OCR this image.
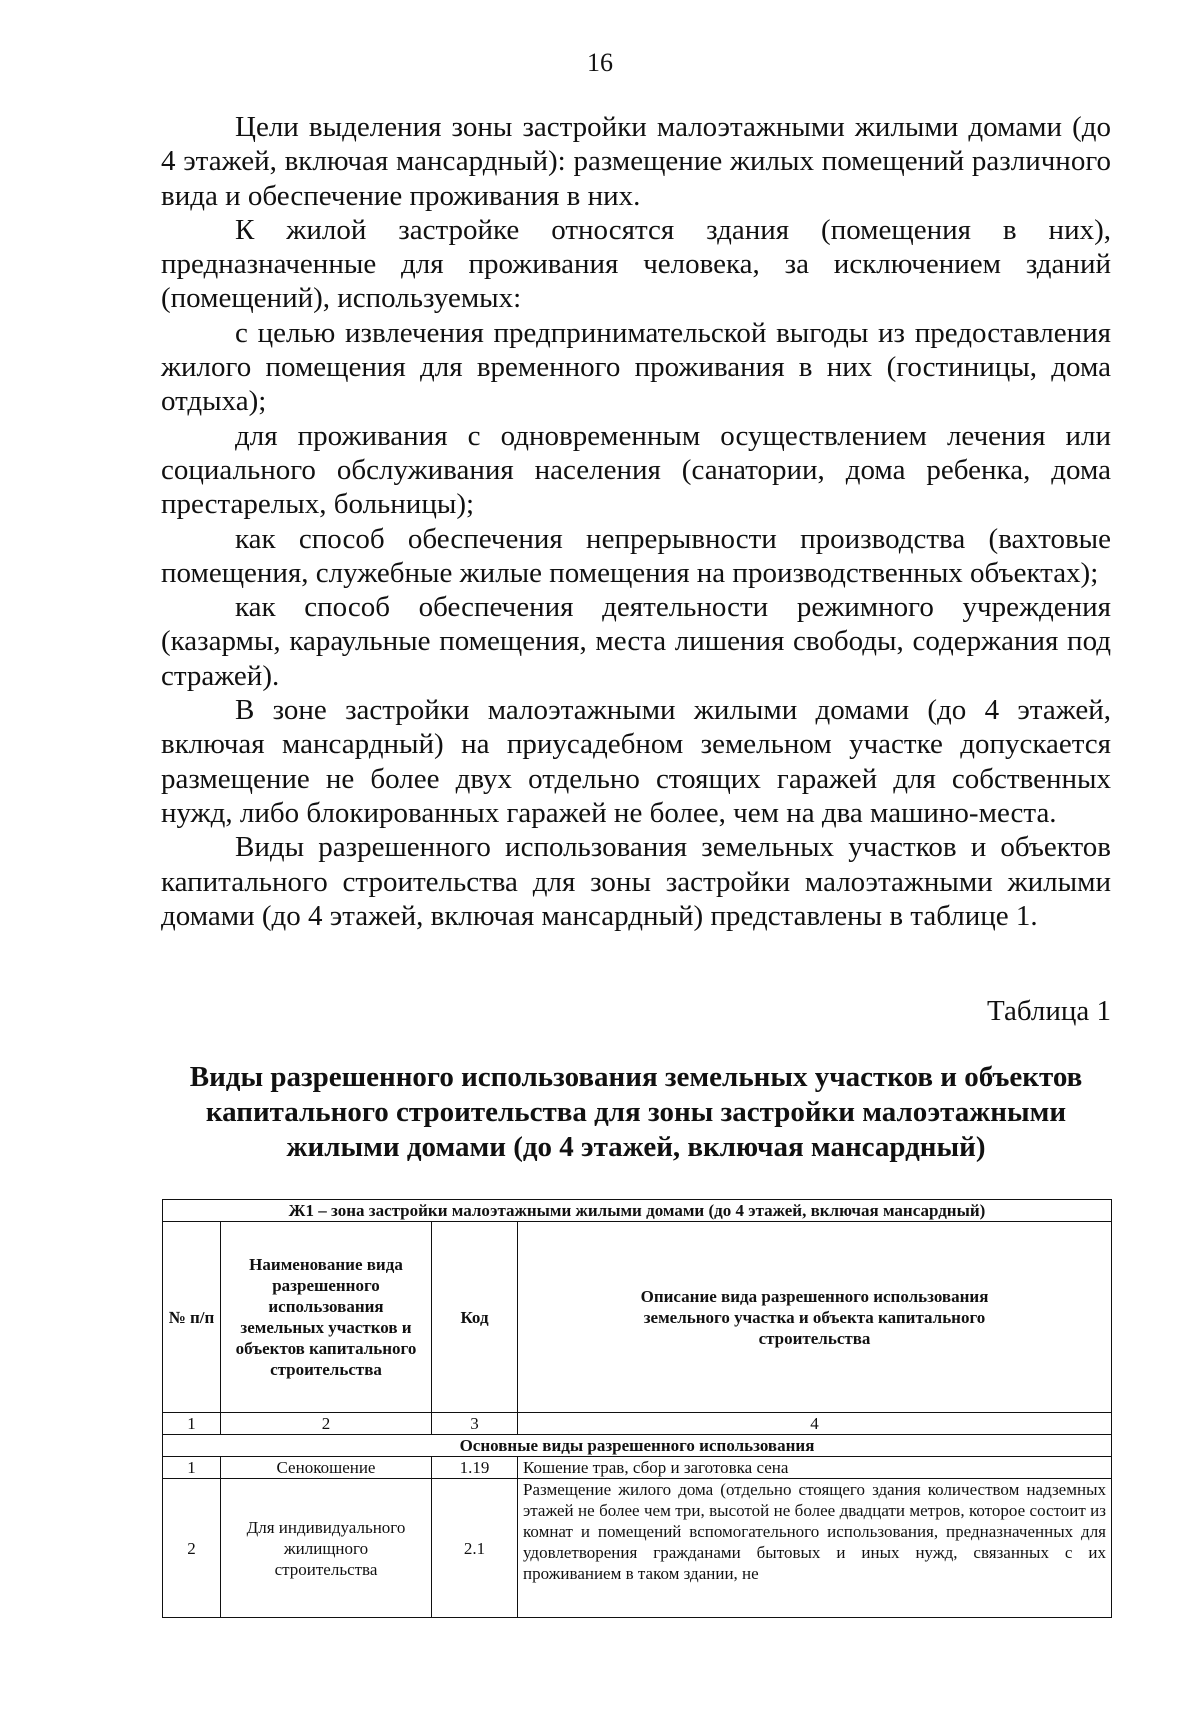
16

Цели выделения зоны застройки малоэтажными жилыми домами (до 4 этажей, включая мансардный): размещение жилых помещений различного вида и обеспечение проживания в них.

К жилой застройке относятся здания (помещения в них), предназначенные для проживания человека, за исключением зданий (помещений), используемых:

с целью извлечения предпринимательской выгоды из предоставления жилого помещения для временного проживания в них (гостиницы, дома отдыха);

для проживания с одновременным осуществлением лечения или социального обслуживания населения (санатории, дома ребенка, дома престарелых, больницы);

как способ обеспечения непрерывности производства (вахтовые помещения, служебные жилые помещения на производственных объектах);

как способ обеспечения деятельности режимного учреждения (казармы, караульные помещения, места лишения свободы, содержания под стражей).

В зоне застройки малоэтажными жилыми домами (до 4 этажей, включая мансардный) на приусадебном земельном участке допускается размещение не более двух отдельно стоящих гаражей для собственных нужд, либо блокированных гаражей не более, чем на два машино-места.

Виды разрешенного использования земельных участков и объектов капитального строительства для зоны застройки малоэтажными жилыми домами (до 4 этажей, включая мансардный) представлены в таблице 1.

Таблица 1
Виды разрешенного использования земельных участков и объектов капитального строительства для зоны застройки малоэтажными жилыми домами (до 4 этажей, включая мансардный)
Ж1 – зона застройки малоэтажными жилыми домами (до 4 этажей, включая мансардный)			
№ п/п	Наименование вида разрешенного использования земельных участков и объектов капитального строительства	Код	Описание вида разрешенного использования земельного участка и объекта капитального строительства
1	2	3	4
Основные виды разрешенного использования			
1	Сенокошение	1.19	Кошение трав, сбор и заготовка сена
2	Для индивидуального жилищного строительства	2.1	Размещение жилого дома (отдельно стоящего здания количеством надземных этажей не более чем три, высотой не более двадцати метров, которое состоит из комнат и помещений вспомогательного использования, предназначенных для удовлетворения гражданами бытовых и иных нужд, связанных с их проживанием в таком здании, не
